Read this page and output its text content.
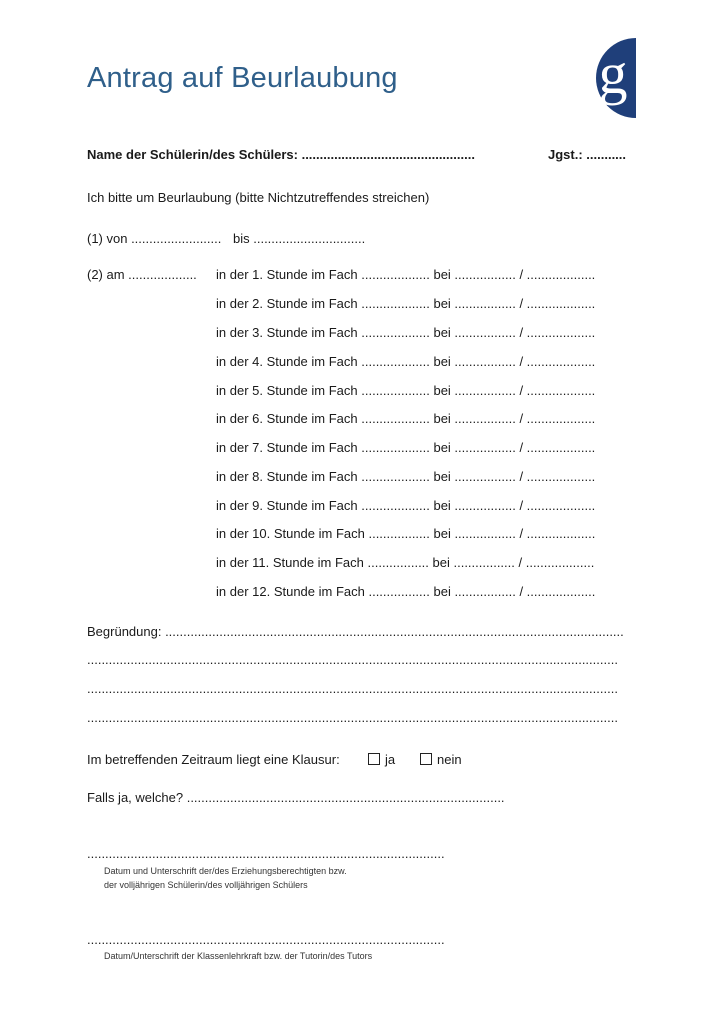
Antrag auf Beurlaubung	g
Name der Schülerin/des Schülers: ................................................	Jgst.: ...........
Ich bitte um Beurlaubung (bitte Nichtzutreffendes streichen)
(1) von ......................... bis ...............................
(2) am ................... in der 1. Stunde im Fach ................... bei ................. / ...................
in der 2. Stunde im Fach ................... bei ................. / ...................
in der 3. Stunde im Fach ................... bei ................. / ...................
in der 4. Stunde im Fach ................... bei ................. / ...................
in der 5. Stunde im Fach ................... bei ................. / ...................
in der 6. Stunde im Fach ................... bei ................. / ...................
in der 7. Stunde im Fach ................... bei ................. / ...................
in der 8. Stunde im Fach ................... bei ................. / ...................
in der 9. Stunde im Fach ................... bei ................. / ...................
in der 10. Stunde im Fach ................. bei ................. / ...................
in der 11. Stunde im Fach ................. bei ................. / ...................
in der 12. Stunde im Fach ................. bei ................. / ...................
Begründung: ...............................................................................................................................
...................................................................................................................................................
...................................................................................................................................................
...................................................................................................................................................
Im betreffenden Zeitraum liegt eine Klausur:	ja	nein
Falls ja, welche? ........................................................................................
...................................................................................................
Datum und Unterschrift der/des Erziehungsberechtigten bzw.
der volljährigen Schülerin/des volljährigen Schülers
...................................................................................................
Datum/Unterschrift der Klassenlehrkraft bzw. der Tutorin/des Tutors
